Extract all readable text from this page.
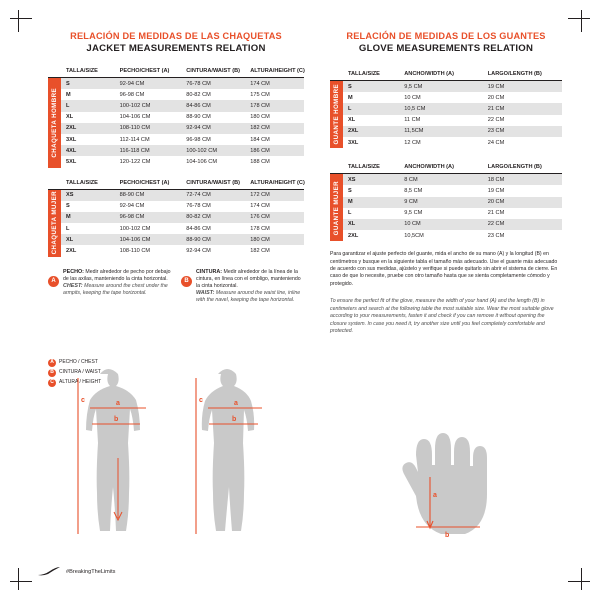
RELACIÓN DE MEDIDAS DE LAS CHAQUETAS

JACKET MEASUREMENTS RELATION

CHAQUETA HOMBRE
TALLA/SIZE	PECHO/CHEST (A)	CINTURA/WAIST (B)	ALTURA/HEIGHT (C)
S	92-94 CM	76-78 CM	174 CM
M	96-98 CM	80-82 CM	175 CM
L	100-102 CM	84-86 CM	178 CM
XL	104-106 CM	88-90 CM	180 CM
2XL	108-110 CM	92-94 CM	182 CM
3XL	112-114 CM	96-98 CM	184 CM
4XL	116-118 CM	100-102 CM	186 CM
5XL	120-122 CM	104-106 CM	188 CM
CHAQUETA MUJER
TALLA/SIZE	PECHO/CHEST (A)	CINTURA/WAIST (B)	ALTURA/HEIGHT (C)
XS	88-90 CM	72-74 CM	172 CM
S	92-94 CM	76-78 CM	174 CM
M	96-98 CM	80-82 CM	176 CM
L	100-102 CM	84-86 CM	178 CM
XL	104-106 CM	88-90 CM	180 CM
2XL	108-110 CM	92-94 CM	182 CM
A
PECHO: Medir alrededor de pecho por debajo de las axilas, manteniendo la cinta horizontal.
CHEST: Measure around the chest under the armpits, keeping the tape horizontal.
B
CINTURA: Medir alrededor de la línea de la cintura, en línea con el ombligo, manteniendo la cinta horizontal.
WAIST: Measure around the waist line, inline with the navel, keeping the tape horizontal.
A	PECHO / CHEST
B	CINTURA / WAIST
C	ALTURA / HEIGHT
c	a
b
c	a
b

RELACIÓN DE MEDIDAS DE LOS GUANTES

GLOVE MEASUREMENTS RELATION

GUANTE HOMBRE
TALLA/SIZE	ANCHO/WIDTH (A)	LARGO/LENGTH (B)
S	9,5 CM	19 CM
M	10 CM	20 CM
L	10,5 CM	21 CM
XL	11 CM	22 CM
2XL	11,5CM	23 CM
3XL	12 CM	24 CM
GUANTE MUJER
TALLA/SIZE	ANCHO/WIDTH (A)	LARGO/LENGTH (B)
XS	8 CM	18 CM
S	8,5 CM	19 CM
M	9 CM	20 CM
L	9,5 CM	21 CM
XL	10 CM	22 CM
2XL	10,5CM	23 CM

Para garantizar el ajuste perfecto del guante, mida el ancho de su mano (A) y la longitud (B) en centímetros y busque en la siguiente tabla el tamaño más adecuado. Use el guante más adecuado de acuerdo con sus medidas, ajústelo y verifique si puede quitarlo sin abrir el sistema de cierre. En caso de que lo necesite, pruebe con otro tamaño hasta que se sienta completamente cómodo y protegido.

To ensure the perfect fit of the glove, measure the width of your hand (A) and the length (B) in centimeters and search at the following table the most suitable size. Wear the most suitable glove according to your measurements, fasten it and check if you can remove it without opening the closure system. In case you need it, try another size until you feel completely comfortable and protected.

a
b
#BreakingTheLimits
